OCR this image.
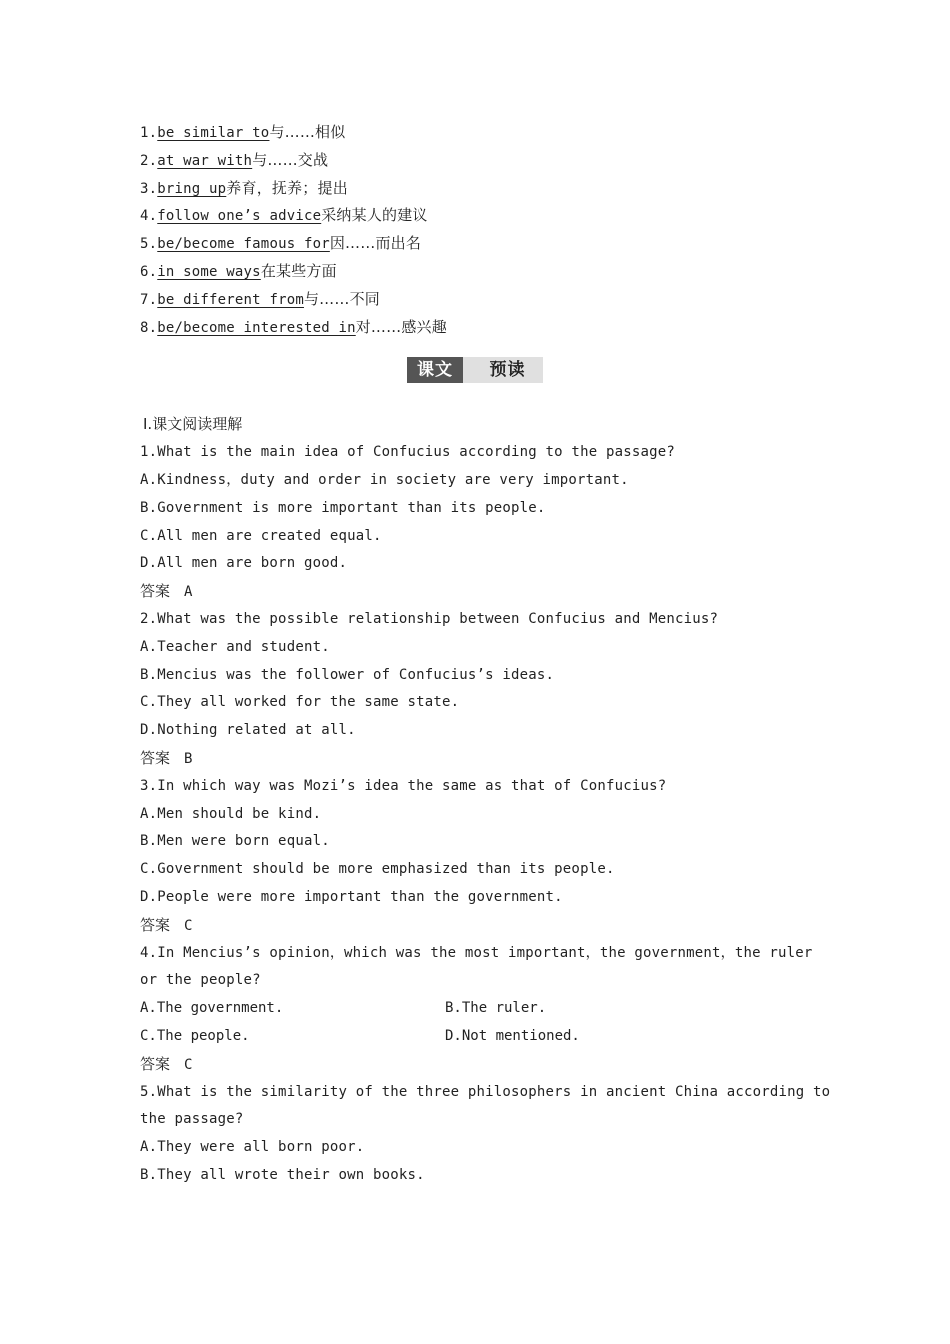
1.be similar to与……相似
2.at war with与……交战
3.bring up养育，抚养；提出
4.follow one’s advice采纳某人的建议
5.be/become famous for因……而出名
6.in some ways在某些方面
7.be different from与……不同
8.be/become interested in对……感兴趣
课文	预读
Ⅰ.课文阅读理解
1.What is the main idea of Confucius according to the passage?
A.Kindness，duty and order in society are very important.
B.Government is more important than its people.
C.All men are created equal.
D.All men are born good.
答案 A
2.What was the possible relationship between Confucius and Mencius?
A.Teacher and student.
B.Mencius was the follower of Confucius’s ideas.
C.They all worked for the same state.
D.Nothing related at all.
答案 B
3.In which way was Mozi’s idea the same as that of Confucius?
A.Men should be kind.
B.Men were born equal.
C.Government should be more emphasized than its people.
D.People were more important than the government.
答案 C
4.In Mencius’s opinion，which was the most important，the government，the ruler
or the people?
A.The government.	B.The ruler.
C.The people.	D.Not mentioned.
答案 C
5.What is the similarity of the three philosophers in ancient China according to
the passage?
A.They were all born poor.
B.They all wrote their own books.
